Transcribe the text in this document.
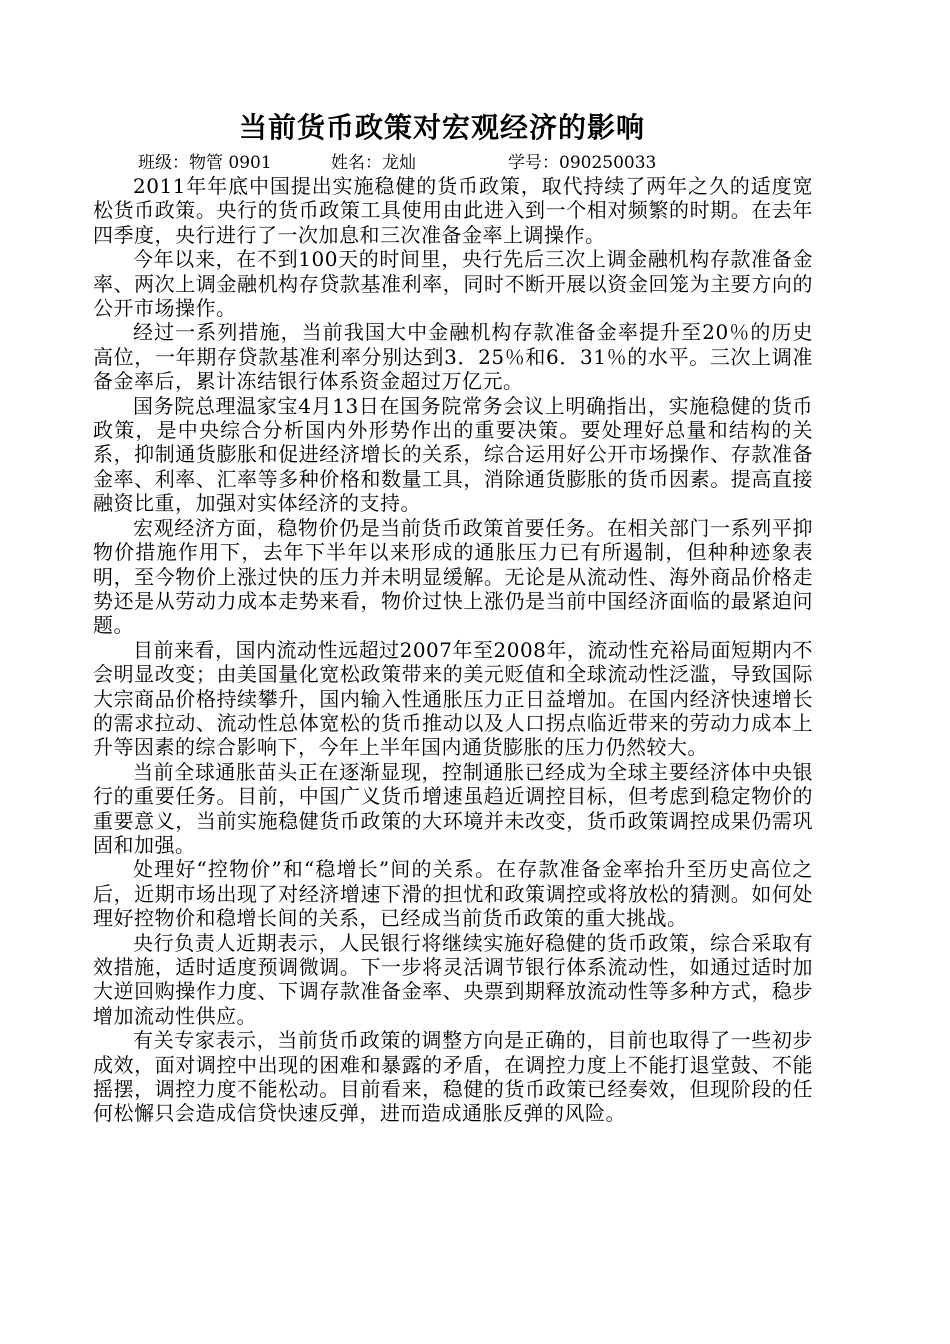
当前货币政策对宏观经济的影响
班级：物管 0901	姓名：龙灿	学号：090250033

2011年年底中国提出实施稳健的货币政策，取代持续了两年之久的适度宽松货币政策。央行的货币政策工具使用由此进入到一个相对频繁的时期。在去年四季度，央行进行了一次加息和三次准备金率上调操作。

今年以来，在不到100天的时间里，央行先后三次上调金融机构存款准备金率、两次上调金融机构存贷款基准利率，同时不断开展以资金回笼为主要方向的公开市场操作。

经过一系列措施，当前我国大中金融机构存款准备金率提升至20％的历史高位，一年期存贷款基准利率分别达到3．25％和6．31％的水平。三次上调准备金率后，累计冻结银行体系资金超过万亿元。

国务院总理温家宝4月13日在国务院常务会议上明确指出，实施稳健的货币政策，是中央综合分析国内外形势作出的重要决策。要处理好总量和结构的关系，抑制通货膨胀和促进经济增长的关系，综合运用好公开市场操作、存款准备金率、利率、汇率等多种价格和数量工具，消除通货膨胀的货币因素。提高直接融资比重，加强对实体经济的支持。

宏观经济方面，稳物价仍是当前货币政策首要任务。在相关部门一系列平抑物价措施作用下，去年下半年以来形成的通胀压力已有所遏制，但种种迹象表明，至今物价上涨过快的压力并未明显缓解。无论是从流动性、海外商品价格走势还是从劳动力成本走势来看，物价过快上涨仍是当前中国经济面临的最紧迫问题。

目前来看，国内流动性远超过2007年至2008年，流动性充裕局面短期内不会明显改变；由美国量化宽松政策带来的美元贬值和全球流动性泛滥，导致国际大宗商品价格持续攀升，国内输入性通胀压力正日益增加。在国内经济快速增长的需求拉动、流动性总体宽松的货币推动以及人口拐点临近带来的劳动力成本上升等因素的综合影响下，今年上半年国内通货膨胀的压力仍然较大。

当前全球通胀苗头正在逐渐显现，控制通胀已经成为全球主要经济体中央银行的重要任务。目前，中国广义货币增速虽趋近调控目标，但考虑到稳定物价的重要意义，当前实施稳健货币政策的大环境并未改变，货币政策调控成果仍需巩固和加强。

处理好“控物价”和“稳增长”间的关系。在存款准备金率抬升至历史高位之后，近期市场出现了对经济增速下滑的担忧和政策调控或将放松的猜测。如何处理好控物价和稳增长间的关系，已经成当前货币政策的重大挑战。

央行负责人近期表示，人民银行将继续实施好稳健的货币政策，综合采取有效措施，适时适度预调微调。下一步将灵活调节银行体系流动性，如通过适时加大逆回购操作力度、下调存款准备金率、央票到期释放流动性等多种方式，稳步增加流动性供应。

有关专家表示，当前货币政策的调整方向是正确的，目前也取得了一些初步成效，面对调控中出现的困难和暴露的矛盾，在调控力度上不能打退堂鼓、不能摇摆，调控力度不能松动。目前看来，稳健的货币政策已经奏效，但现阶段的任何松懈只会造成信贷快速反弹，进而造成通胀反弹的风险。
